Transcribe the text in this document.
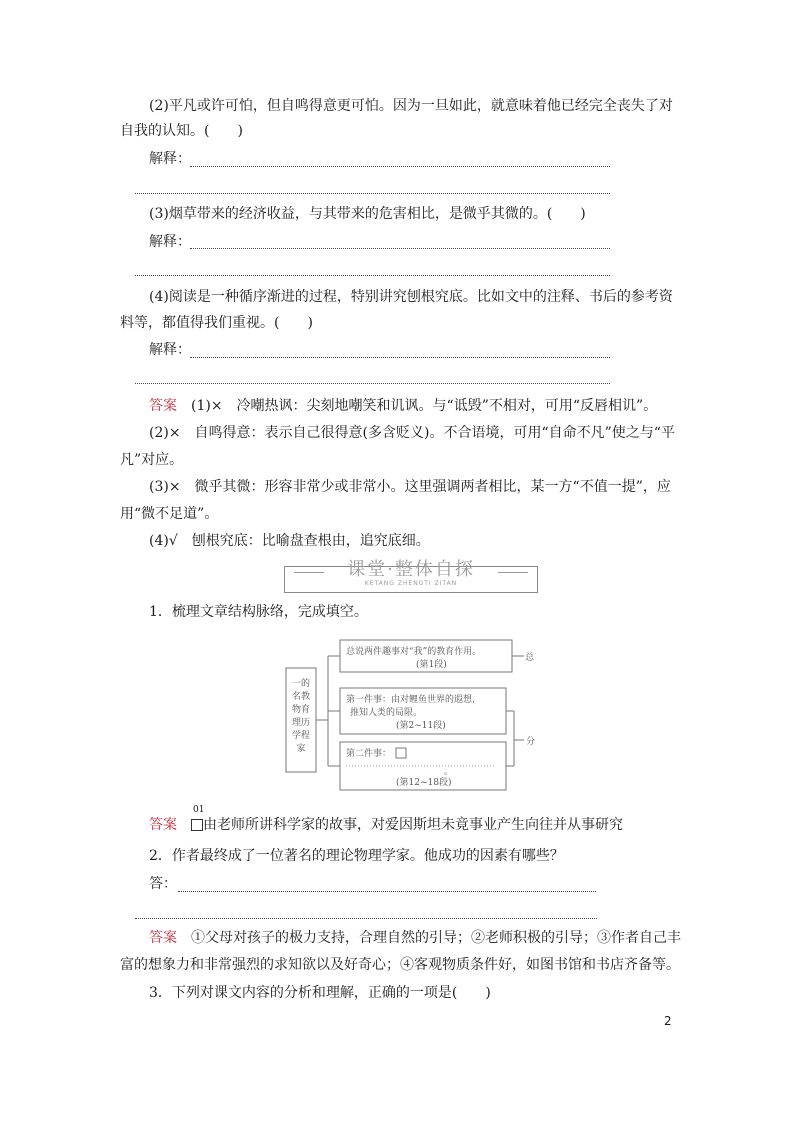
(2)平凡或许可怕，但自鸣得意更可怕。因为一旦如此，就意味着他已经完全丧失了对
自我的认知。(　　)
解释：
(3)烟草带来的经济收益，与其带来的危害相比，是微乎其微的。(　　)
解释：
(4)阅读是一种循序渐进的过程，特别讲究刨根究底。比如文中的注释、书后的参考资
料等，都值得我们重视。(　　)
解释：
答案　 (1)×　冷嘲热讽：尖刻地嘲笑和讥讽。与“诋毁”不相对，可用“反唇相讥”。
(2)×　自鸣得意：表示自己很得意(多含贬义)。不合语境，可用“自命不凡”使之与“平
凡”对应。
(3)×　微乎其微：形容非常少或非常小。这里强调两者相比，某一方“不值一提”，应
用“微不足道”。
(4)√　刨根究底：比喻盘查根由，追究底细。
课堂·整体自探
KETANG ZHENGTI ZITAN
1．梳理文章结构脉络，完成填空。
一的
名教
物育
理历
学程
家
总说两件趣事对“我”的教育作用。
(第1段)
总
第一件事：由对鲤鱼世界的遐想，
推知人类的局限。
(第2~11段)
第二件事：
。
(第12~18段)
分
答案　
01
由老师所讲科学家的故事，对爱因斯坦未竟事业产生向往并从事研究
2．作者最终成了一位著名的理论物理学家。他成功的因素有哪些？
答：
答案　 ①父母对孩子的极力支持，合理自然的引导；②老师积极的引导；③作者自己丰
富的想象力和非常强烈的求知欲以及好奇心；④客观物质条件好，如图书馆和书店齐备等。
3．下列对课文内容的分析和理解，正确的一项是(　　)
2
